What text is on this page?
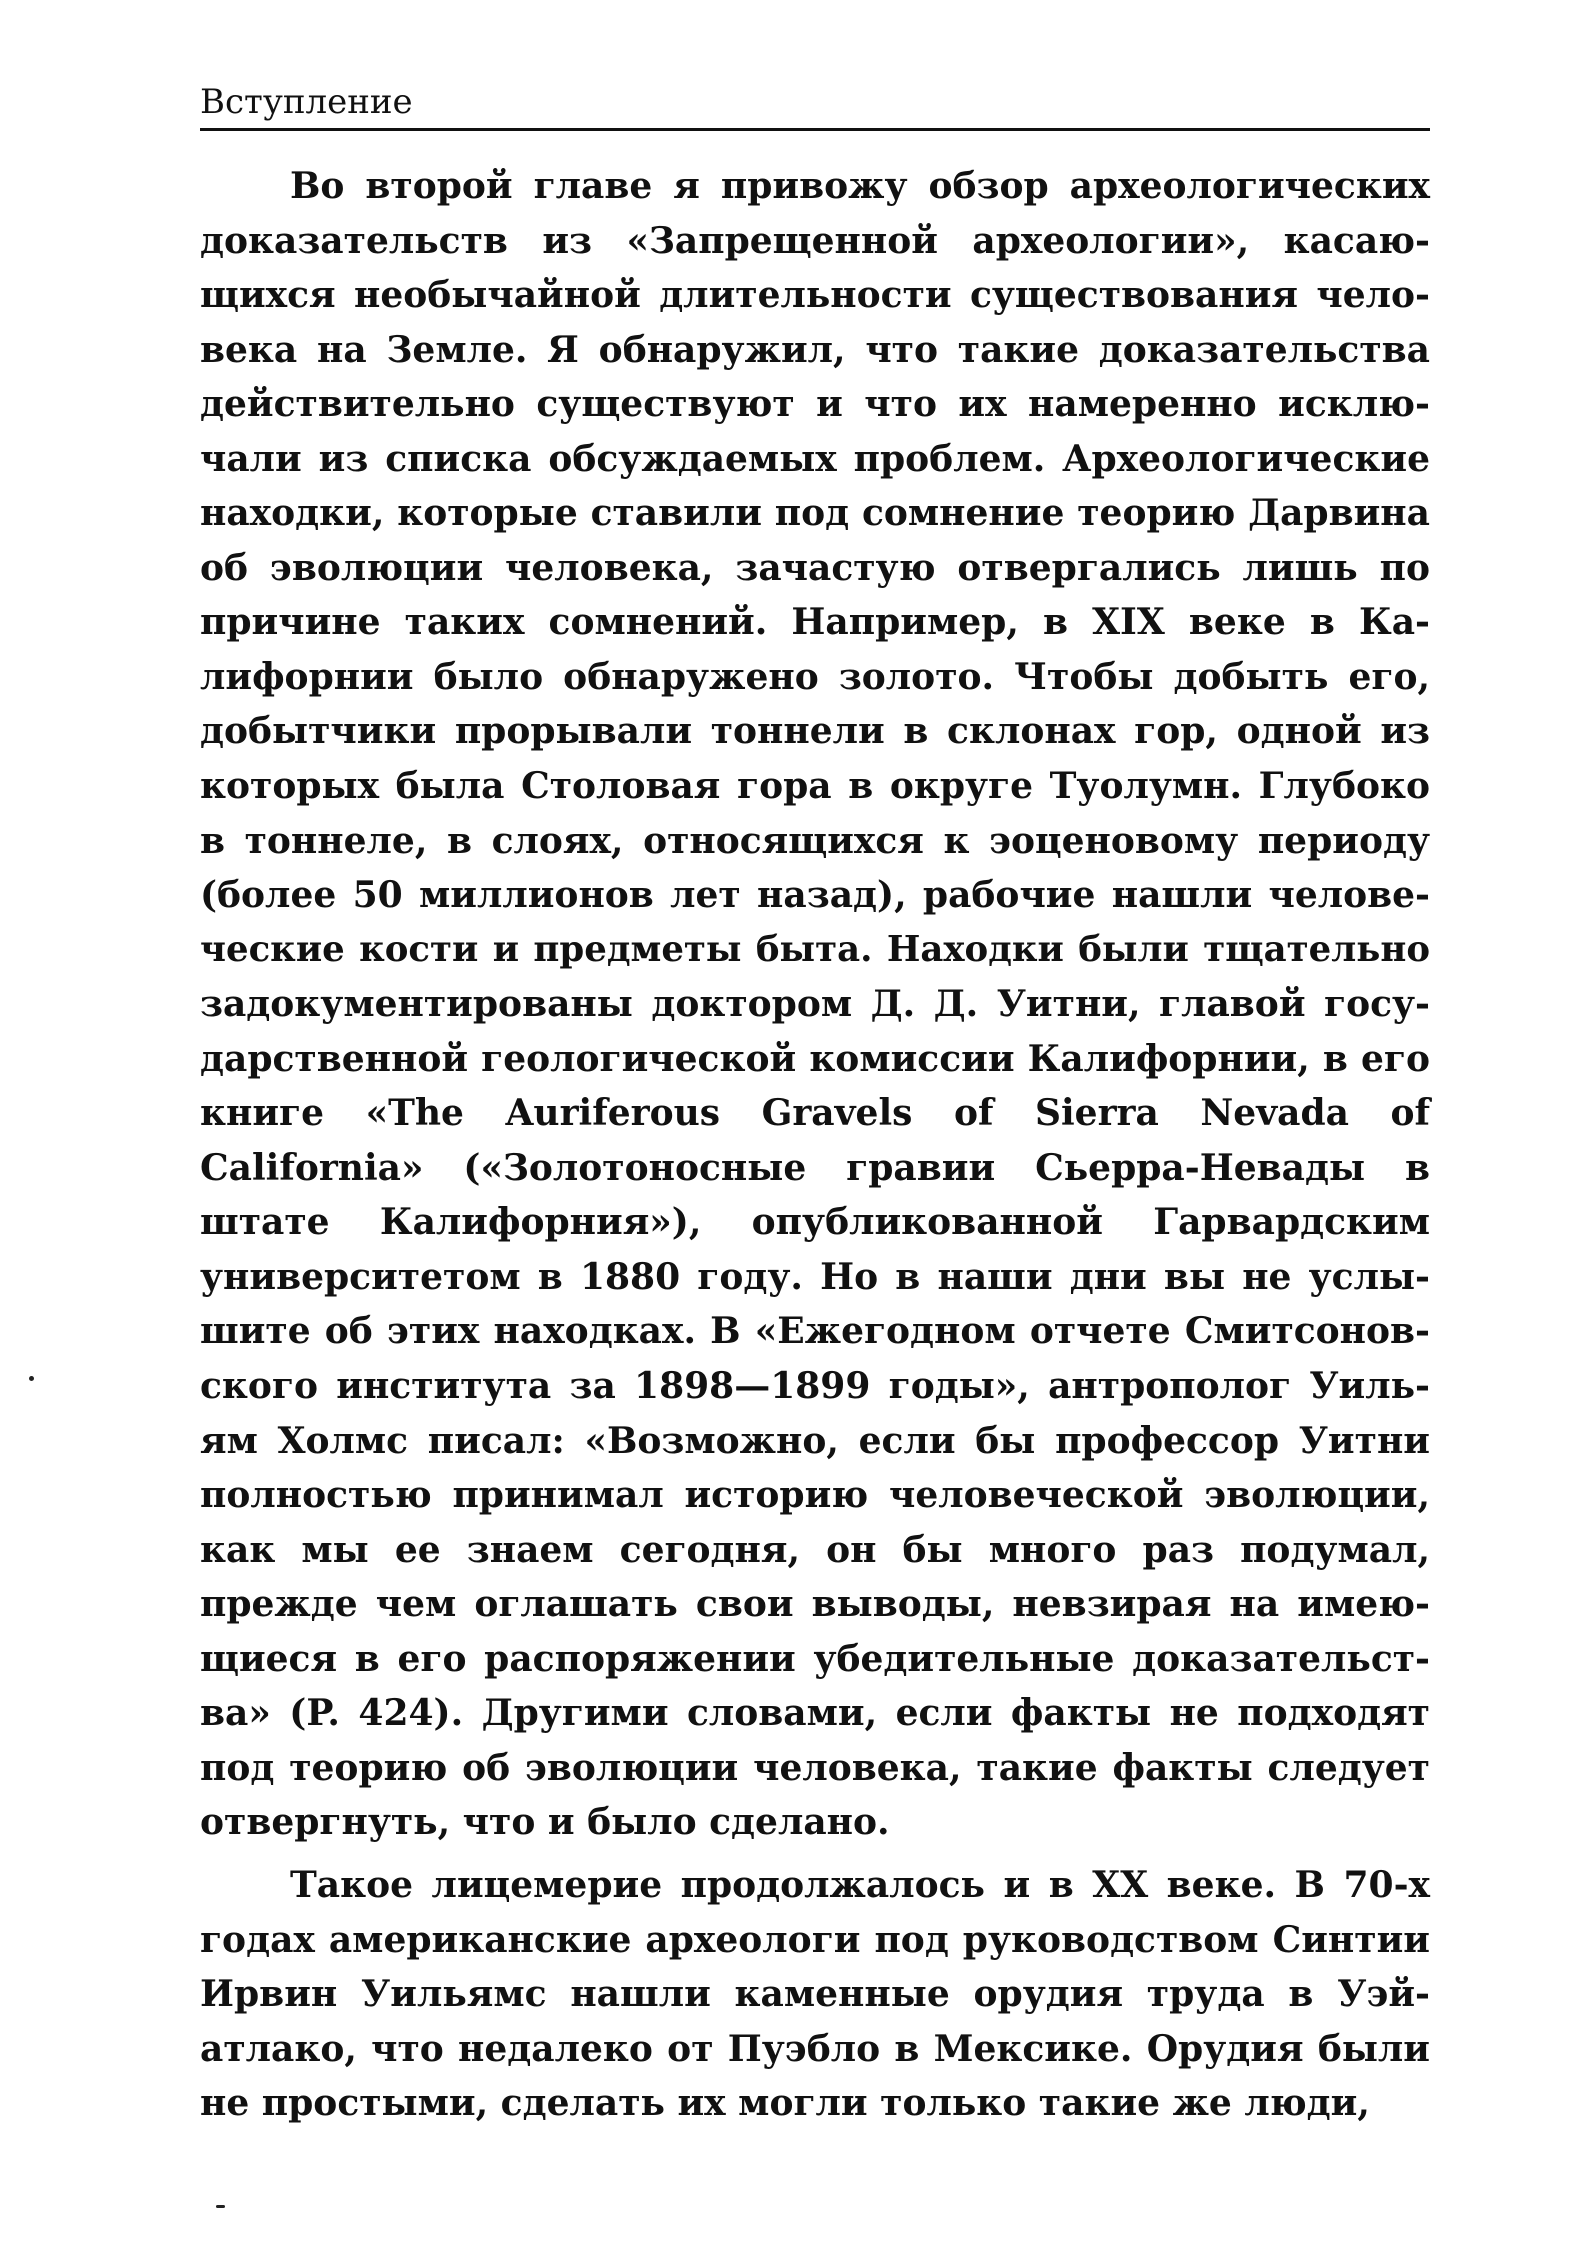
Вступление
Во второй главе я привожу обзор археологических
доказательств из «Запрещенной археологии», касаю-
щихся необычайной длительности существования чело-
века на Земле. Я обнаружил, что такие доказательства
действительно существуют и что их намеренно исклю-
чали из списка обсуждаемых проблем. Археологические
находки, которые ставили под сомнение теорию Дарвина
об эволюции человека, зачастую отвергались лишь по
причине таких сомнений. Например, в XIX веке в Ка-
лифорнии было обнаружено золото. Чтобы добыть его,
добытчики прорывали тоннели в склонах гор, одной из
которых была Столовая гора в округе Туолумн. Глубоко
в тоннеле, в слоях, относящихся к эоценовому периоду
(более 50 миллионов лет назад), рабочие нашли челове-
ческие кости и предметы быта. Находки были тщательно
задокументированы доктором Д. Д. Уитни, главой госу-
дарственной геологической комиссии Калифорнии, в его
книге «The Auriferous Gravels of Sierra Nevada of
California» («Золотоносные гравии Сьерра-Невады в
штате Калифорния»), опубликованной Гарвардским
университетом в 1880 году. Но в наши дни вы не услы-
шите об этих находках. В «Ежегодном отчете Смитсонов-
ского института за 1898—1899 годы», антрополог Уиль-
ям Холмс писал: «Возможно, если бы профессор Уитни
полностью принимал историю человеческой эволюции,
как мы ее знаем сегодня, он бы много раз подумал,
прежде чем оглашать свои выводы, невзирая на имею-
щиеся в его распоряжении убедительные доказательст-
ва» (P. 424). Другими словами, если факты не подходят
под теорию об эволюции человека, такие факты следует
отвергнуть, что и было сделано.
Такое лицемерие продолжалось и в XX веке. В 70-х
годах американские археологи под руководством Синтии
Ирвин Уильямс нашли каменные орудия труда в Уэй-
атлако, что недалеко от Пуэбло в Мексике. Орудия были
не простыми, сделать их могли только такие же люди,
